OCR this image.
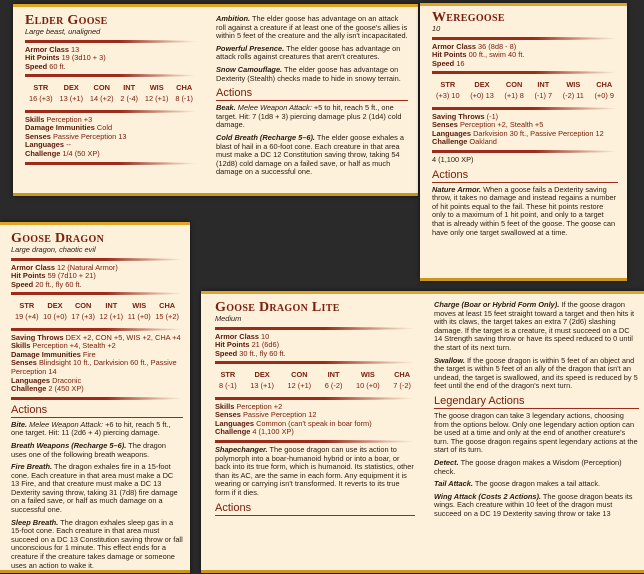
Elder Goose
Large beast, unaligned
Armor Class 13
Hit Points 19 (3d10 + 3)
Speed 60 ft.
STR
16 (+3)
DEX
13 (+1)
CON
14 (+2)
INT
2 (-4)
WIS
12 (+1)
CHA
8 (-1)
Skills Perception +3
Damage Immunities Cold
Senses Passive Perception 13
Languages --
Challenge 1/4 (50 XP)
Ambition. The elder goose has advantage on an attack roll against a creature if at least one of the goose's allies is within 5 feet of the creature and the ally isn't incapacitated.
Powerful Presence. The elder goose has advantage on attack rolls against creatures that aren't creatures.
Snow Camouflage. The elder goose has advantage on Dexterity (Stealth) checks made to hide in snowy terrain.
Actions
Beak. Melee Weapon Attack: +5 to hit, reach 5 ft., one target. Hit: 7 (1d8 + 3) piercing damage plus 2 (1d4) cold damage.
Cold Breath (Recharge 5–6). The elder goose exhales a blast of hail in a 60-foot cone. Each creature in that area must make a DC 12 Constitution saving throw, taking 54 (12d8) cold damage on a failed save, or half as much damage on a successful one.
Weregoose
10
Armor Class 36 (8d8 - 8)
Hit Points 00 ft., swim 40 ft.
Speed 16
STR
(+3) 10
DEX
(+0) 13
CON
(+1) 8
INT
(-1) 7
WIS
(-2) 11
CHA
(+0) 9
Saving Throws (-1)
Senses Perception +2, Stealth +5
Languages Darkvision 30 ft., Passive Perception 12
Challenge Oakland
4 (1,100 XP)
Actions
Nature Armor. When a goose fails a Dexterity saving throw, it takes no damage and instead regains a number of hit points equal to the fail. These hit points restore only to a maximum of 1 hit point, and only to a target that is already within 5 feet of the goose. The goose can have only one target swallowed at a time.
Goose Dragon
Large dragon, chaotic evil
Armor Class 12 (Natural Armor)
Hit Points 59 (7d10 + 21)
Speed 20 ft., fly 60 ft.
STR
19 (+4)
DEX
10 (+0)
CON
17 (+3)
INT
12 (+1)
WIS
11 (+0)
CHA
15 (+2)
Saving Throws DEX +2, CON +5, WIS +2, CHA +4
Skills Perception +4, Stealth +2
Damage Immunities Fire
Senses Blindsight 10 ft., Darkvision 60 ft., Passive Perception 14
Languages Draconic
Challenge 2 (450 XP)
Actions
Bite. Melee Weapon Attack: +6 to hit, reach 5 ft., one target. Hit: 11 (2d6 + 4) piercing damage.
Breath Weapons (Recharge 5–6). The dragon uses one of the following breath weapons.
Fire Breath. The dragon exhales fire in a 15-foot cone. Each creature in that area must make a DC 13 Fire, and that creature must make a DC 13 Dexterity saving throw, taking 31 (7d8) fire damage on a failed save, or half as much damage on a successful one.
Sleep Breath. The dragon exhales sleep gas in a 15-foot cone. Each creature in that area must succeed on a DC 13 Constitution saving throw or fall unconscious for 1 minute. This effect ends for a creature if the creature takes damage or someone uses an action to wake it.
Goose Dragon Lite
Medium
Armor Class 10
Hit Points 21 (6d6)
Speed 30 ft., fly 60 ft.
STR
8 (-1)
DEX
13 (+1)
CON
12 (+1)
INT
6 (-2)
WIS
10 (+0)
CHA
7 (-2)
Skills Perception +2
Senses Passive Perception 12
Languages Common (can't speak in boar form)
Challenge 4 (1,100 XP)
Shapechanger. The goose dragon can use its action to polymorph into a boar-humanoid hybrid or into a boar, or back into its true form, which is humanoid. Its statistics, other than its AC, are the same in each form. Any equipment it is wearing or carrying isn't transformed. It reverts to its true form if it dies.
Actions
Charge (Boar or Hybrid Form Only). If the goose dragon moves at least 15 feet straight toward a target and then hits it with its claws, the target takes an extra 7 (2d6) slashing damage. If the target is a creature, it must succeed on a DC 14 Strength saving throw or have its speed reduced to 0 until the start of its next turn.
Swallow. If the goose dragon is within 5 feet of an object and the target is within 5 feet of an ally of the dragon that isn't an undead, the target is swallowed, and its speed is reduced by 5 feet until the end of the dragon's next turn.
Legendary Actions
The goose dragon can take 3 legendary actions, choosing from the options below. Only one legendary action option can be used at a time and only at the end of another creature's turn. The goose dragon regains spent legendary actions at the start of its turn.
Detect. The goose dragon makes a Wisdom (Perception) check.
Tail Attack. The goose dragon makes a tail attack.
Wing Attack (Costs 2 Actions). The goose dragon beats its wings. Each creature within 10 feet of the dragon must succeed on a DC 19 Dexterity saving throw or take 13
